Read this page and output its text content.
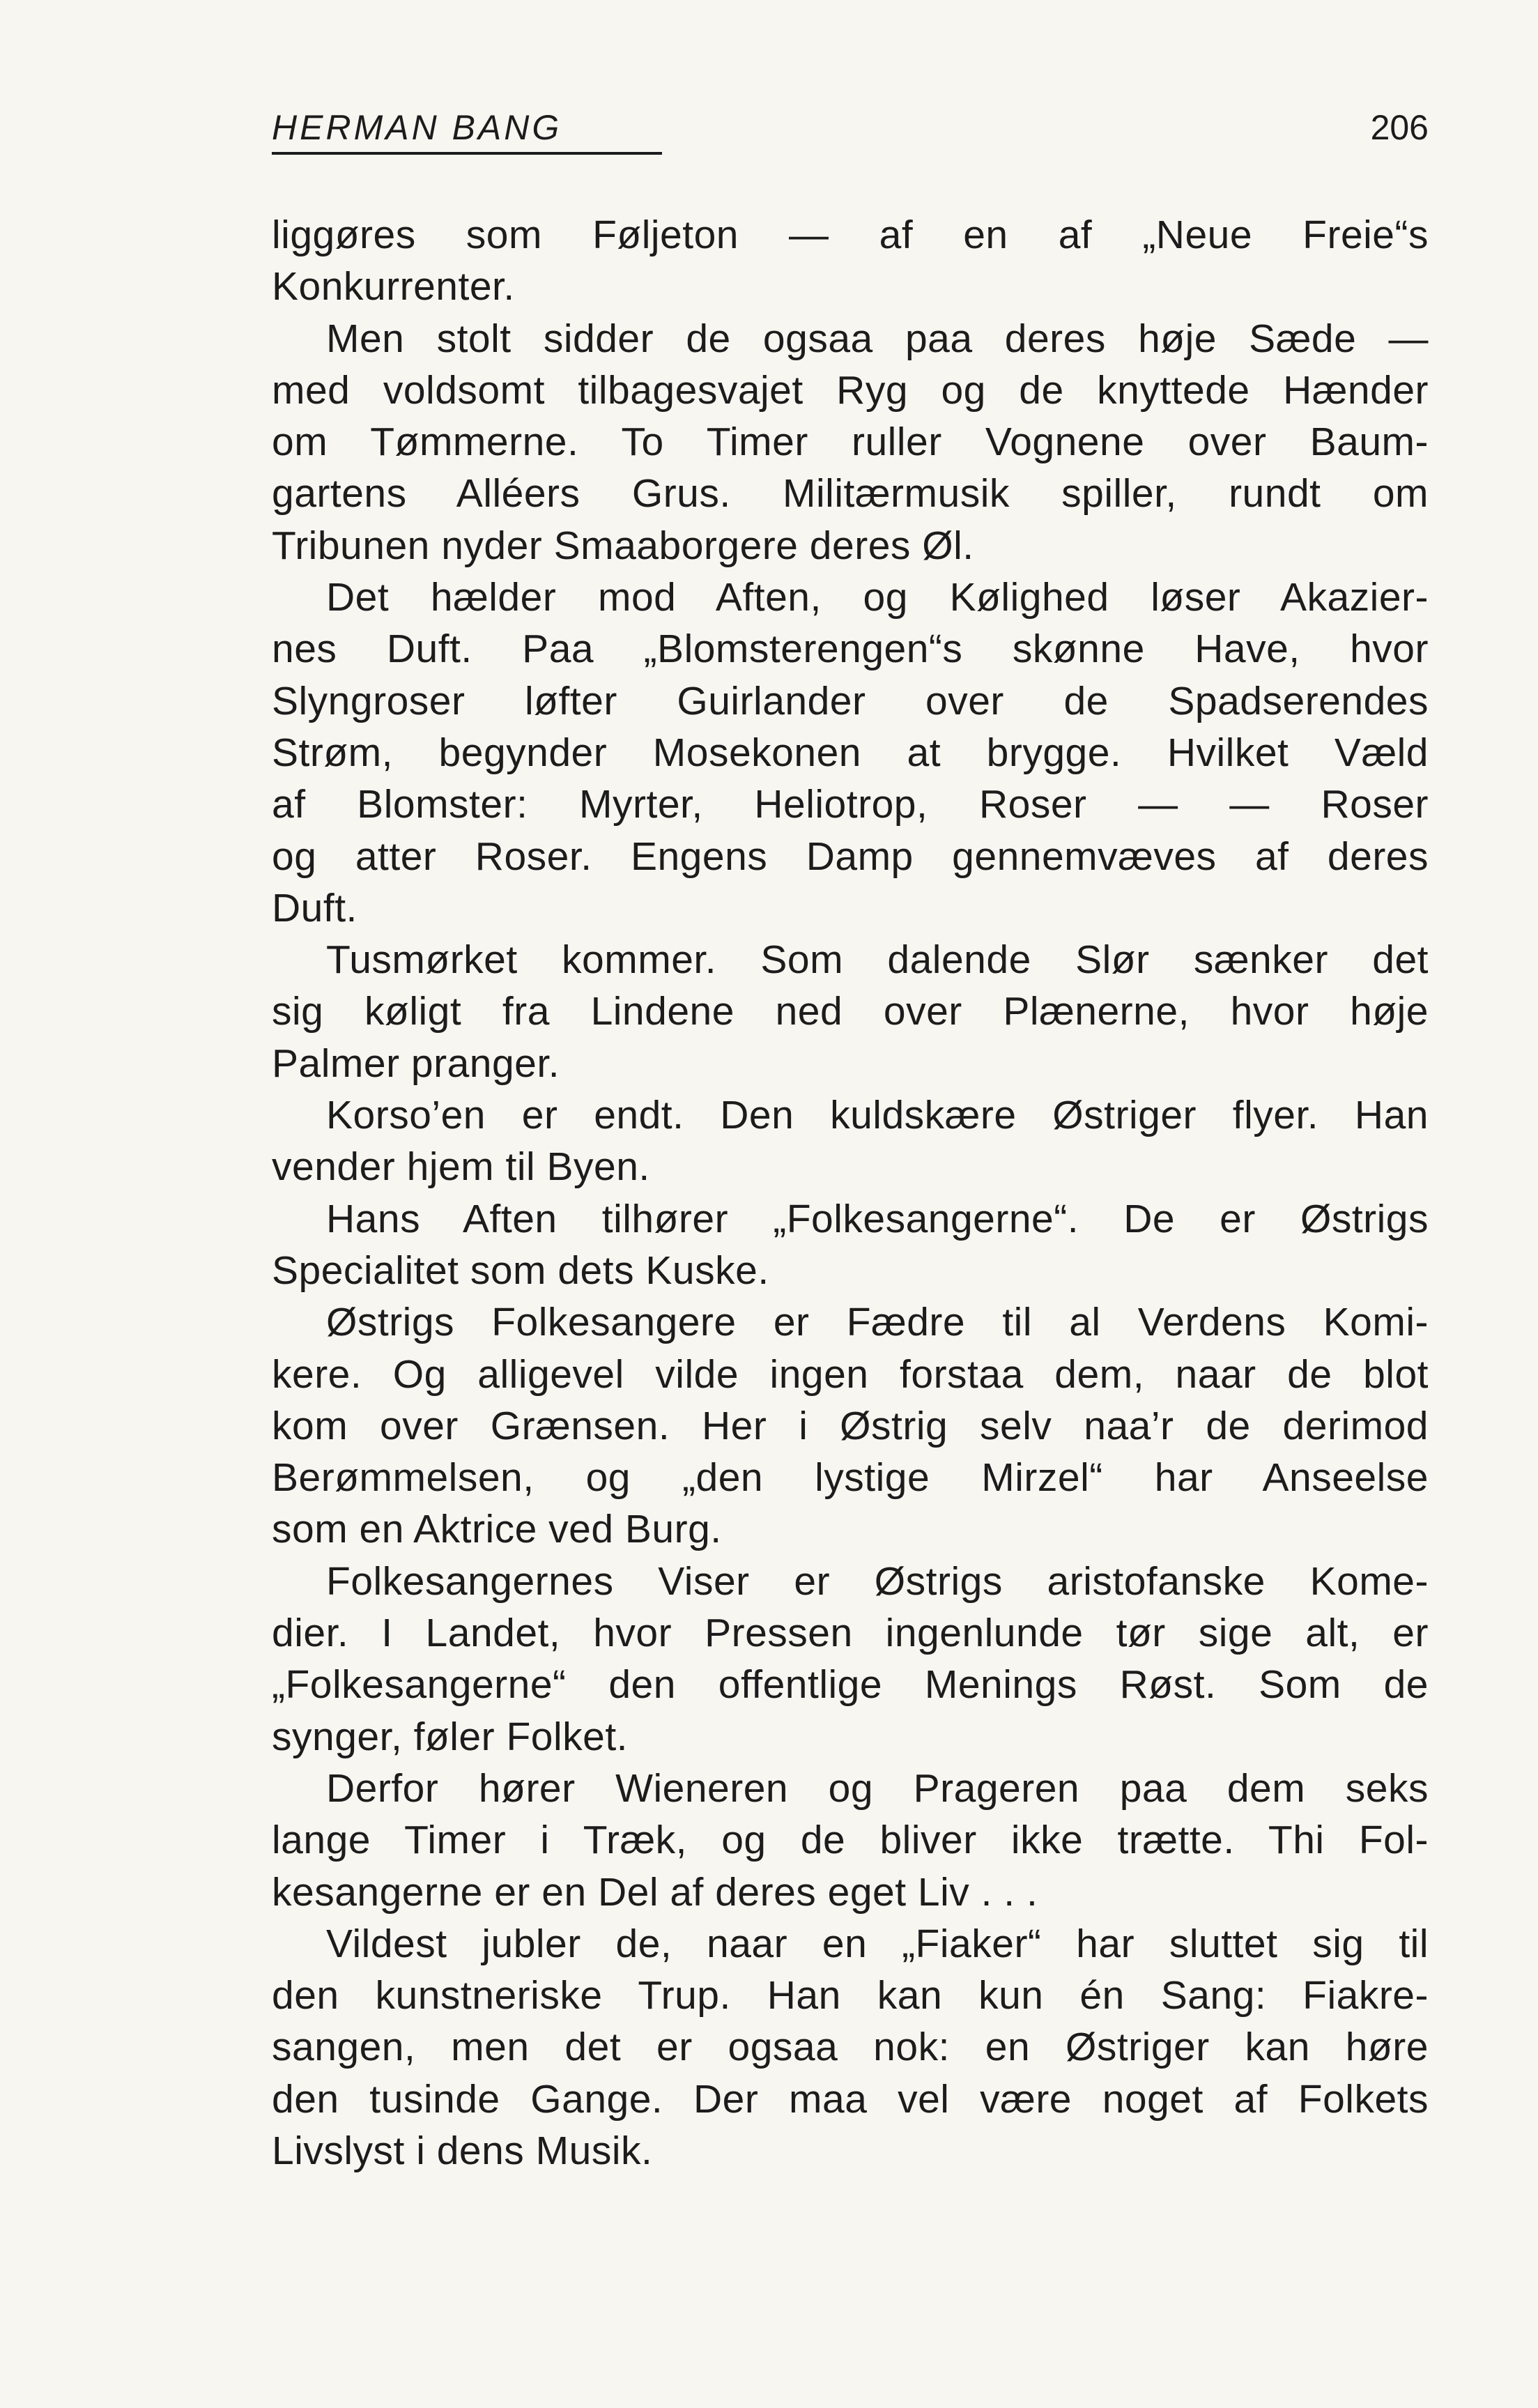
HERMAN BANG	206
liggøres som Føljeton — af en af „Neue Freie“s
Konkurrenter.
Men stolt sidder de ogsaa paa deres høje Sæde —
med voldsomt tilbagesvajet Ryg og de knyttede Hænder
om Tømmerne. To Timer ruller Vognene over Baum-
gartens Alléers Grus. Militærmusik spiller, rundt om
Tribunen nyder Smaaborgere deres Øl.
Det hælder mod Aften, og Kølighed løser Akazier-
nes Duft. Paa „Blomsterengen“s skønne Have, hvor
Slyngroser løfter Guirlander over de Spadserendes
Strøm, begynder Mosekonen at brygge. Hvilket Væld
af Blomster: Myrter, Heliotrop, Roser — — Roser
og atter Roser. Engens Damp gennemvæves af deres
Duft.
Tusmørket kommer. Som dalende Slør sænker det
sig køligt fra Lindene ned over Plænerne, hvor høje
Palmer pranger.
Korso’en er endt. Den kuldskære Østriger flyer. Han
vender hjem til Byen.
Hans Aften tilhører „Folkesangerne“. De er Østrigs
Specialitet som dets Kuske.
Østrigs Folkesangere er Fædre til al Verdens Komi-
kere. Og alligevel vilde ingen forstaa dem, naar de blot
kom over Grænsen. Her i Østrig selv naa’r de derimod
Berømmelsen, og „den lystige Mirzel“ har Anseelse
som en Aktrice ved Burg.
Folkesangernes Viser er Østrigs aristofanske Kome-
dier. I Landet, hvor Pressen ingenlunde tør sige alt, er
„Folkesangerne“ den offentlige Menings Røst. Som de
synger, føler Folket.
Derfor hører Wieneren og Prageren paa dem seks
lange Timer i Træk, og de bliver ikke trætte. Thi Fol-
kesangerne er en Del af deres eget Liv . . .
Vildest jubler de, naar en „Fiaker“ har sluttet sig til
den kunstneriske Trup. Han kan kun én Sang: Fiakre-
sangen, men det er ogsaa nok: en Østriger kan høre
den tusinde Gange. Der maa vel være noget af Folkets
Livslyst i dens Musik.
